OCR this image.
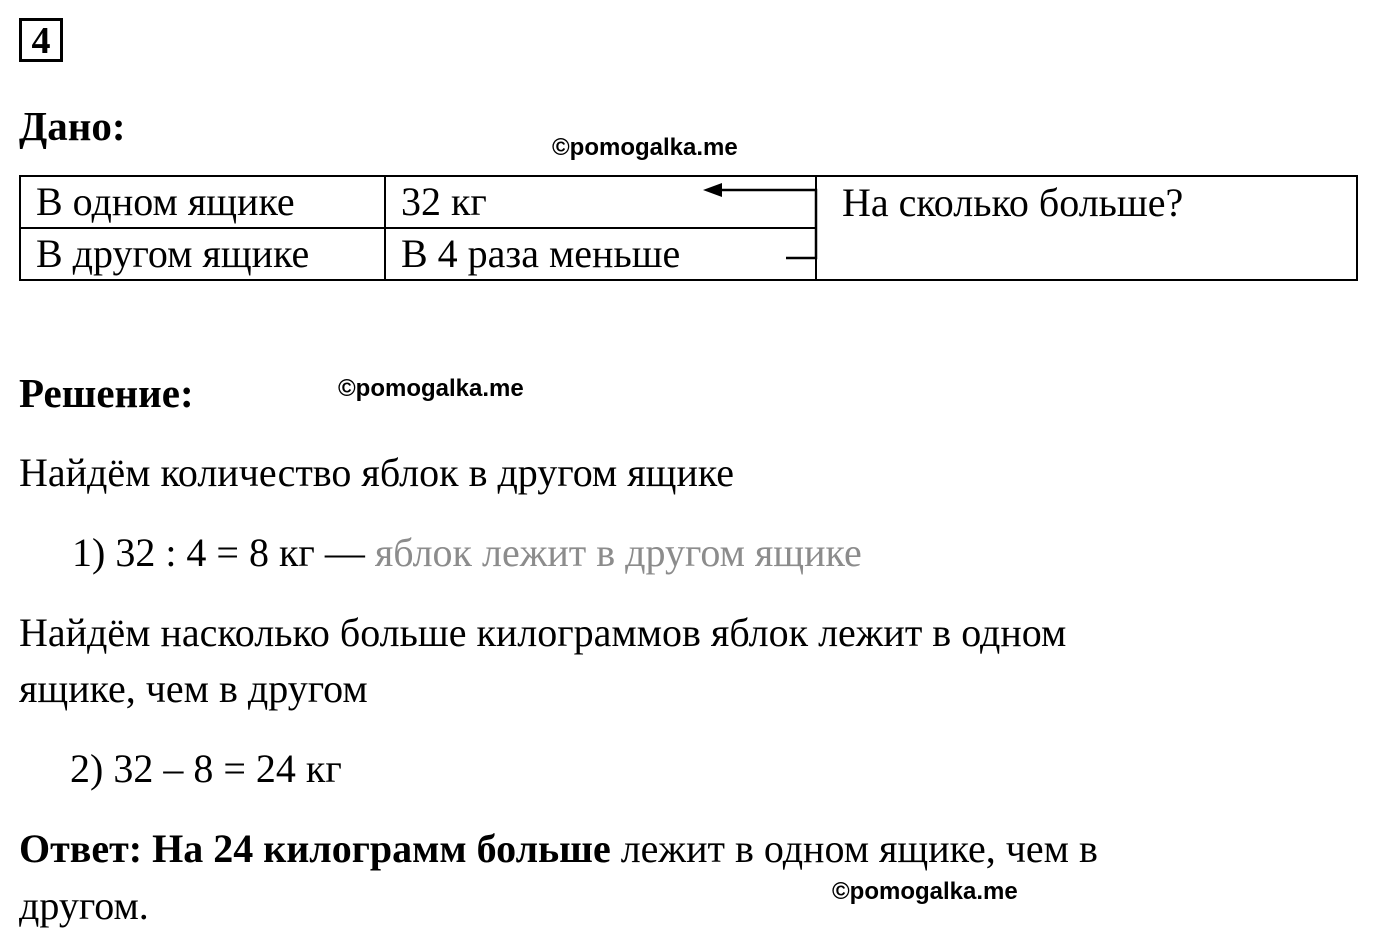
4
Дано:	©pomogalka.me
В одном ящике	32 кг	На сколько больше?
В другом ящике	В 4 раза меньше	
Решение:	©pomogalka.me
Найдём количество яблок в другом ящике
1) 32 : 4 = 8 кг — яблок лежит в другом ящике
Найдём насколько больше килограммов яблок лежит в одном
ящике, чем в другом
2) 32 – 8 = 24 кг
Ответ: На 24 килограмм больше лежит в одном ящике, чем в
другом.	©pomogalka.me
